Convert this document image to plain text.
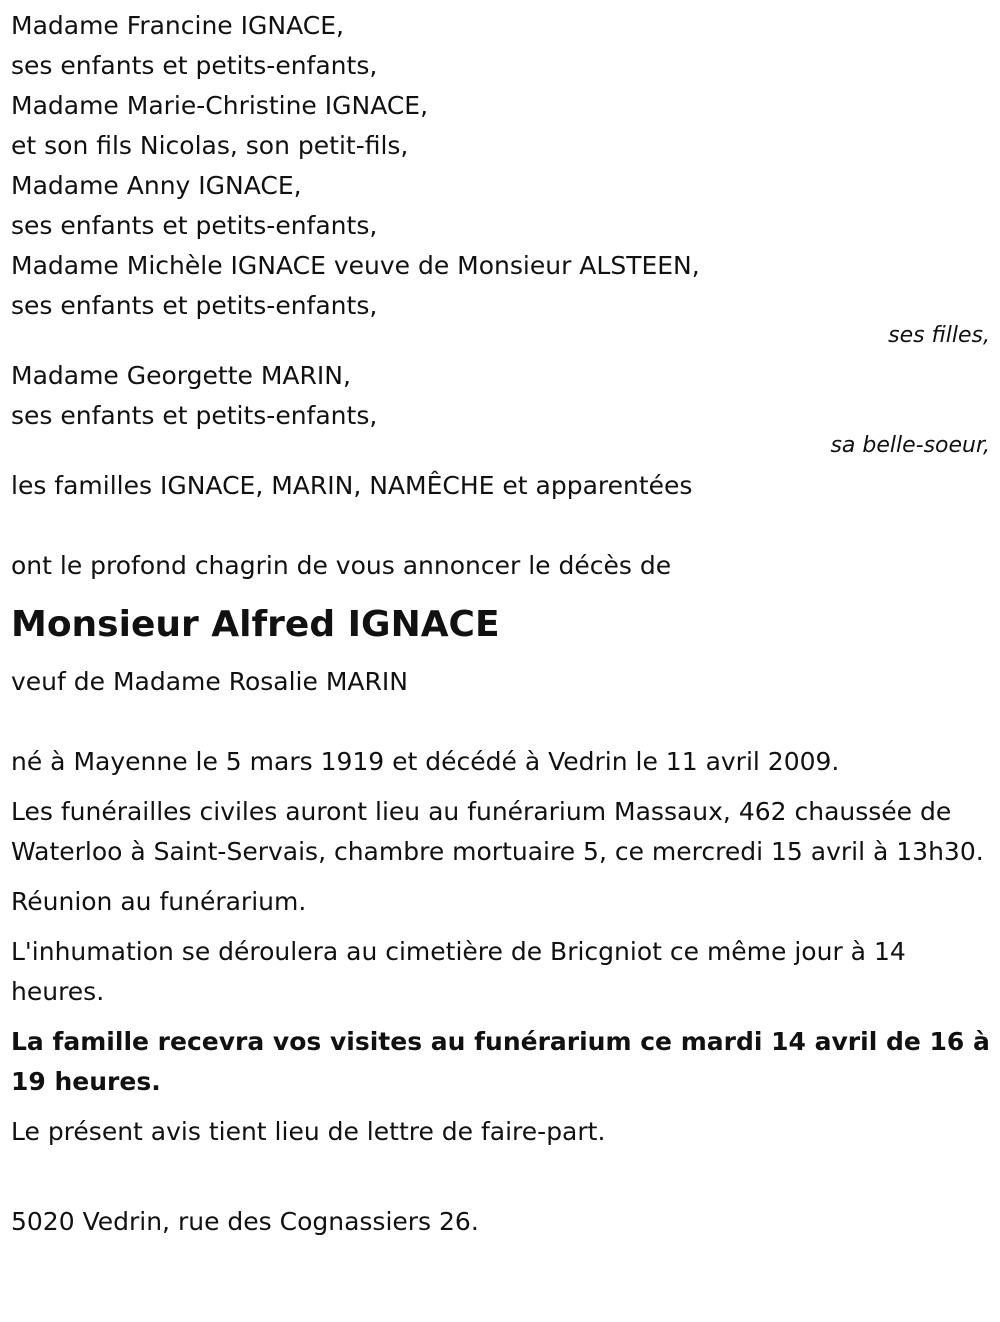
Madame Francine IGNACE,
ses enfants et petits-enfants,
Madame Marie-Christine IGNACE,
et son fils Nicolas, son petit-fils,
Madame Anny IGNACE,
ses enfants et petits-enfants,
Madame Michèle IGNACE veuve de Monsieur ALSTEEN,
ses enfants et petits-enfants,
ses filles,
Madame Georgette MARIN,
ses enfants et petits-enfants,
sa belle-soeur,
les familles IGNACE, MARIN, NAMÊCHE et apparentées
ont le profond chagrin de vous annoncer le décès de
Monsieur Alfred IGNACE
veuf de Madame Rosalie MARIN
né à Mayenne le 5 mars 1919 et décédé à Vedrin le 11 avril 2009.
Les funérailles civiles auront lieu au funérarium Massaux, 462 chaussée de Waterloo à Saint-Servais, chambre mortuaire 5, ce mercredi 15 avril à 13h30.
Réunion au funérarium.
L'inhumation se déroulera au cimetière de Bricgniot ce même jour à 14 heures.
La famille recevra vos visites au funérarium ce mardi 14 avril de 16 à 19 heures.
Le présent avis tient lieu de lettre de faire-part.
5020 Vedrin, rue des Cognassiers 26.
